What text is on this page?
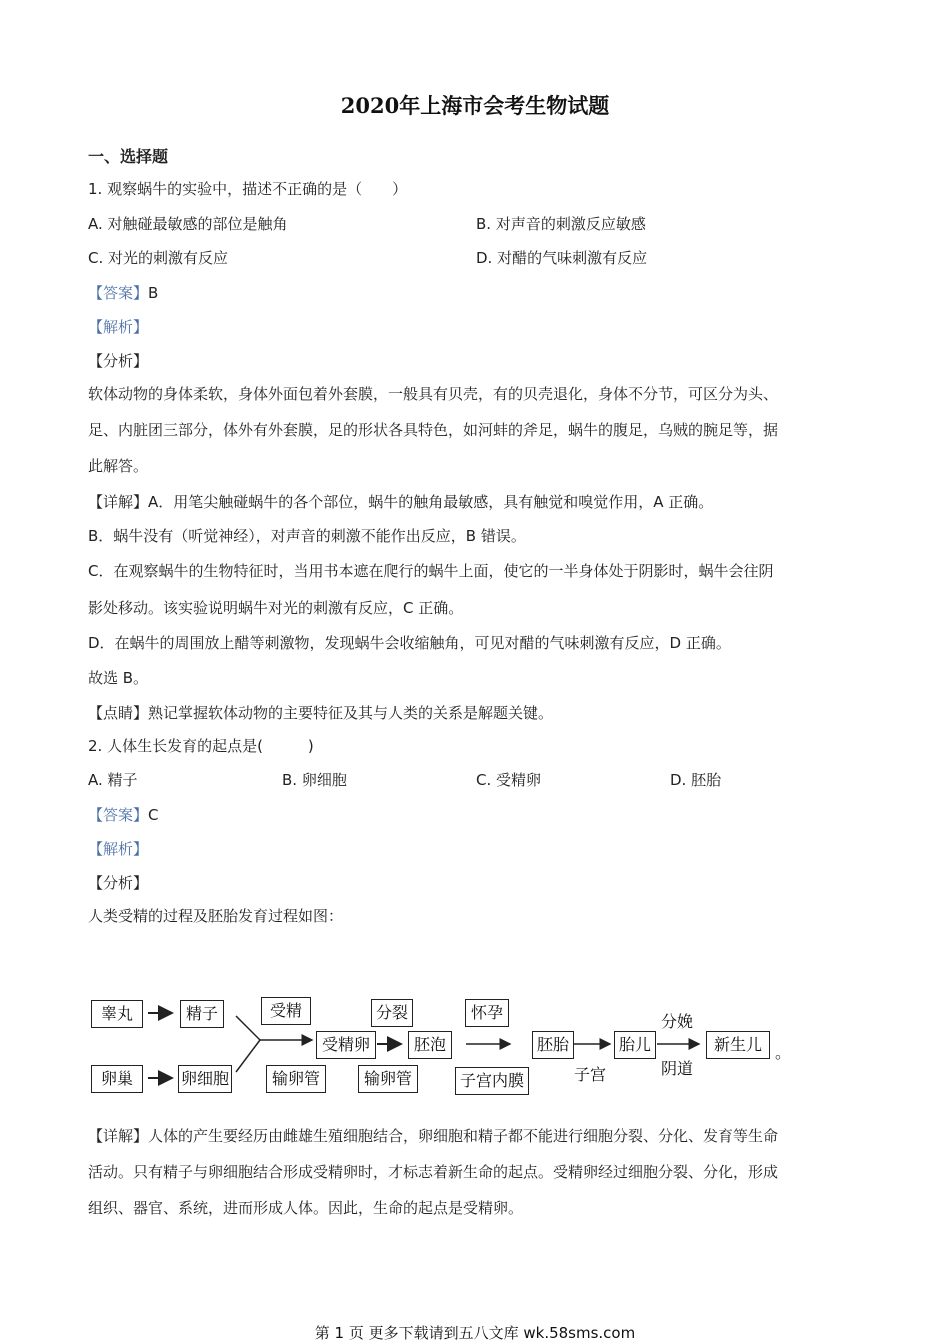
2020年上海市会考生物试题
一、选择题
1. 观察蜗牛的实验中，描述不正确的是（　　）
A. 对触碰最敏感的部位是触角	B. 对声音的刺激反应敏感
C. 对光的刺激有反应	D. 对醋的气味刺激有反应
【答案】B
【解析】
【分析】
软体动物的身体柔软，身体外面包着外套膜，一般具有贝壳，有的贝壳退化，身体不分节，可区分为头、
足、内脏团三部分，体外有外套膜，足的形状各具特色，如河蚌的斧足，蜗牛的腹足，乌贼的腕足等，据
此解答。
【详解】A．用笔尖触碰蜗牛的各个部位，蜗牛的触角最敏感，具有触觉和嗅觉作用，A 正确。
B．蜗牛没有（听觉神经），对声音的刺激不能作出反应，B 错误。
C．在观察蜗牛的生物特征时，当用书本遮在爬行的蜗牛上面，使它的一半身体处于阴影时，蜗牛会往阴
影处移动。该实验说明蜗牛对光的刺激有反应，C 正确。
D．在蜗牛的周围放上醋等刺激物，发现蜗牛会收缩触角，可见对醋的气味刺激有反应，D 正确。
故选 B。
【点睛】熟记掌握软体动物的主要特征及其与人类的关系是解题关键。
2. 人体生长发育的起点是(　　　)
A. 精子	B. 卵细胞	C. 受精卵	D. 胚胎
【答案】C
【解析】
【分析】
人类受精的过程及胚胎发育过程如图：
睾丸	精子
卵巢	卵细胞
受精
受精卵
输卵管
分裂
胚泡
输卵管
怀孕
子宫内膜
胚胎	胎儿	新生儿
子宫
分娩
阴道
。
【详解】人体的产生要经历由雌雄生殖细胞结合，卵细胞和精子都不能进行细胞分裂、分化、发育等生命
活动。只有精子与卵细胞结合形成受精卵时，才标志着新生命的起点。受精卵经过细胞分裂、分化，形成
组织、器官、系统，进而形成人体。因此，生命的起点是受精卵。
第 1 页 更多下载请到五八文库 wk.58sms.com
